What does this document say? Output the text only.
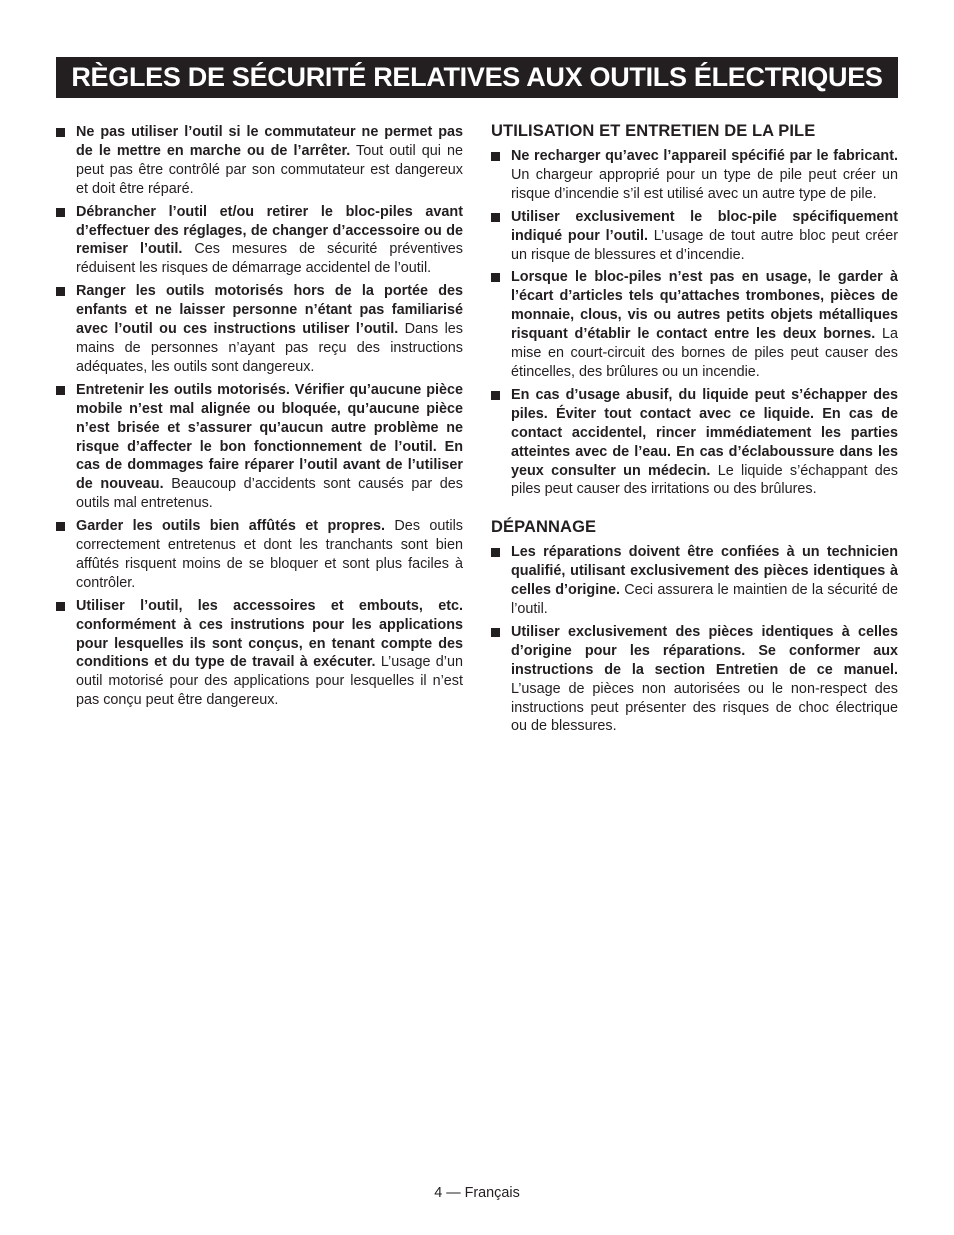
RÈGLES DE SÉCURITÉ RELATIVES AUX OUTILS ÉLECTRIQUES
Ne pas utiliser l’outil si le commutateur ne permet pas de le mettre en marche ou de l’arrêter. Tout outil qui ne peut pas être contrôlé par son commutateur est dangereux et doit être réparé.
Débrancher l’outil et/ou retirer le bloc-piles avant d’effectuer des réglages, de changer d’accessoire ou de remiser l’outil. Ces mesures de sécurité préventives réduisent les risques de démarrage accidentel de l’outil.
Ranger les outils motorisés hors de la portée des enfants et ne laisser personne n’étant pas familiarisé avec l’outil ou ces instructions utiliser l’outil. Dans les mains de personnes n’ayant pas reçu des instructions adéquates, les outils sont dangereux.
Entretenir les outils motorisés. Vérifier qu’aucune pièce mobile n’est mal alignée ou bloquée, qu’aucune pièce n’est brisée et s’assurer qu’aucun autre problème ne risque d’affecter le bon fonctionnement de l’outil. En cas de dommages faire réparer l’outil avant de l’utiliser de nouveau. Beaucoup d’accidents sont causés par des outils mal entretenus.
Garder les outils bien affûtés et propres. Des outils correctement entretenus et dont les tranchants sont bien affûtés risquent moins de se bloquer et sont plus faciles à contrôler.
Utiliser l’outil, les accessoires et embouts, etc. conformément à ces instrutions pour les applications pour lesquelles ils sont conçus, en tenant compte des conditions et du type de travail à exécuter. L’usage d’un outil motorisé pour des applications pour lesquelles il n’est pas conçu peut être dangereux.
UTILISATION ET ENTRETIEN DE LA PILE
Ne recharger qu’avec l’appareil spécifié par le fabricant. Un chargeur approprié pour un type de pile peut créer un risque d’incendie s’il est utilisé avec un autre type de pile.
Utiliser exclusivement le bloc-pile spécifiquement indiqué pour l’outil. L’usage de tout autre bloc peut créer un risque de blessures et d’incendie.
Lorsque le bloc-piles n’est pas en usage, le garder à l’écart d’articles tels qu’attaches trombones, pièces de monnaie, clous, vis ou autres petits objets métalliques risquant d’établir le contact entre les deux bornes. La mise en court-circuit des bornes de piles peut causer des étincelles, des brûlures ou un incendie.
En cas d’usage abusif, du liquide peut s’échapper des piles. Éviter tout contact avec ce liquide. En cas de contact accidentel, rincer immédiatement les parties atteintes avec de l’eau. En cas d’éclaboussure dans les yeux consulter un médecin. Le liquide s’échappant des piles peut causer des irritations ou des brûlures.
DÉPANNAGE
Les réparations doivent être confiées à un technicien qualifié, utilisant exclusivement des pièces identiques à celles d’origine. Ceci assurera le maintien de la sécurité de l’outil.
Utiliser exclusivement des pièces identiques à celles d’origine pour les réparations. Se conformer aux instructions de la section Entretien de ce manuel. L’usage de pièces non autorisées ou le non-respect des instructions peut présenter des risques de choc électrique ou de blessures.
4 — Français
